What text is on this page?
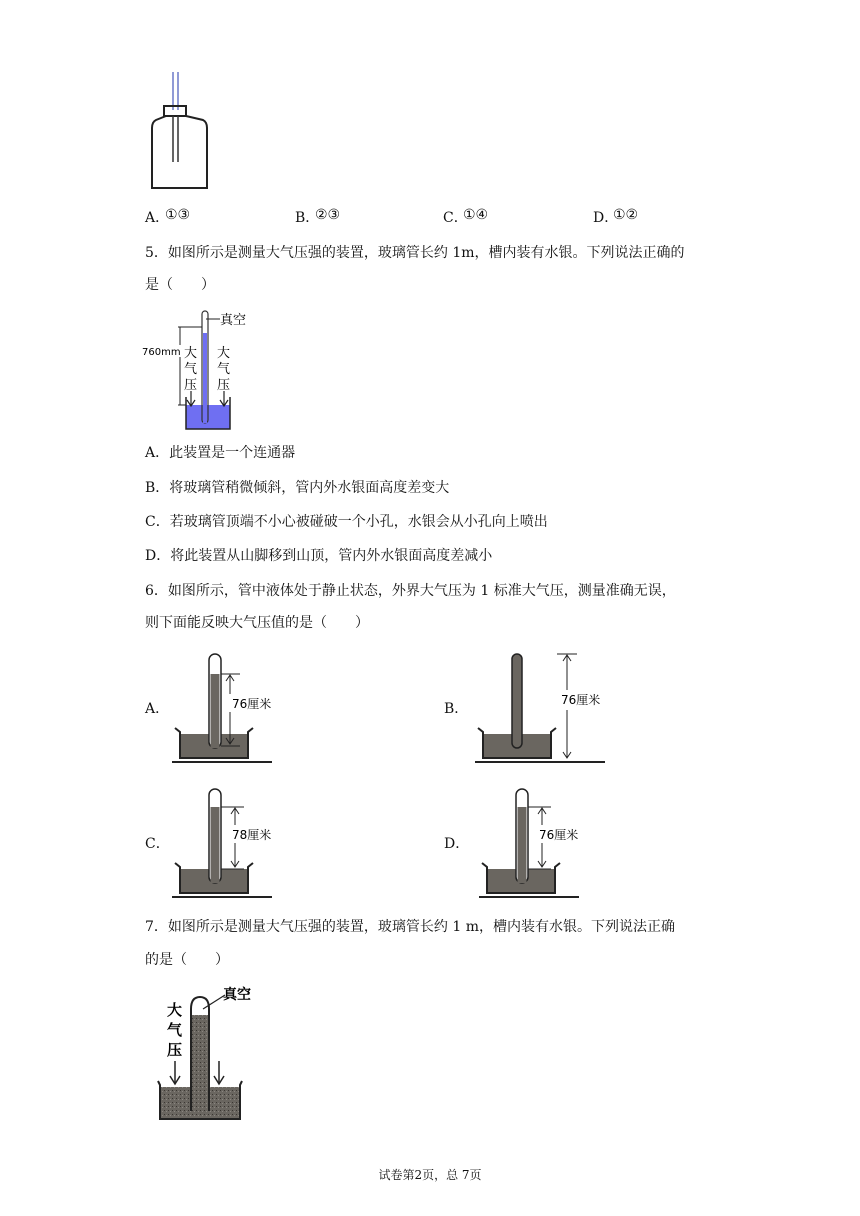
A．
①③	B．
②③	C．
①④	D．
①②
5．如图所示是测量大气压强的装置，玻璃管长约 1m，槽内装有水银。下列说法正确的
是（　　）
真空
760mm 大
气
压
大
气
压
A．此装置是一个连通器
B．将玻璃管稍微倾斜，管内外水银面高度差变大
C．若玻璃管顶端不小心被碰破一个小孔，水银会从小孔向上喷出
D．将此装置从山脚移到山顶，管内外水银面高度差减小
6．如图所示，管中液体处于静止状态，外界大气压为 1 标准大气压，测量准确无误，
则下面能反映大气压值的是（　　）
A．	B．
C．	D．
76厘米	76厘米
78厘米	76厘米
7．如图所示是测量大气压强的装置，玻璃管长约 1 m，槽内装有水银。下列说法正确
的是（　　）
真空
大
气
压
试卷第2页，总 7页
